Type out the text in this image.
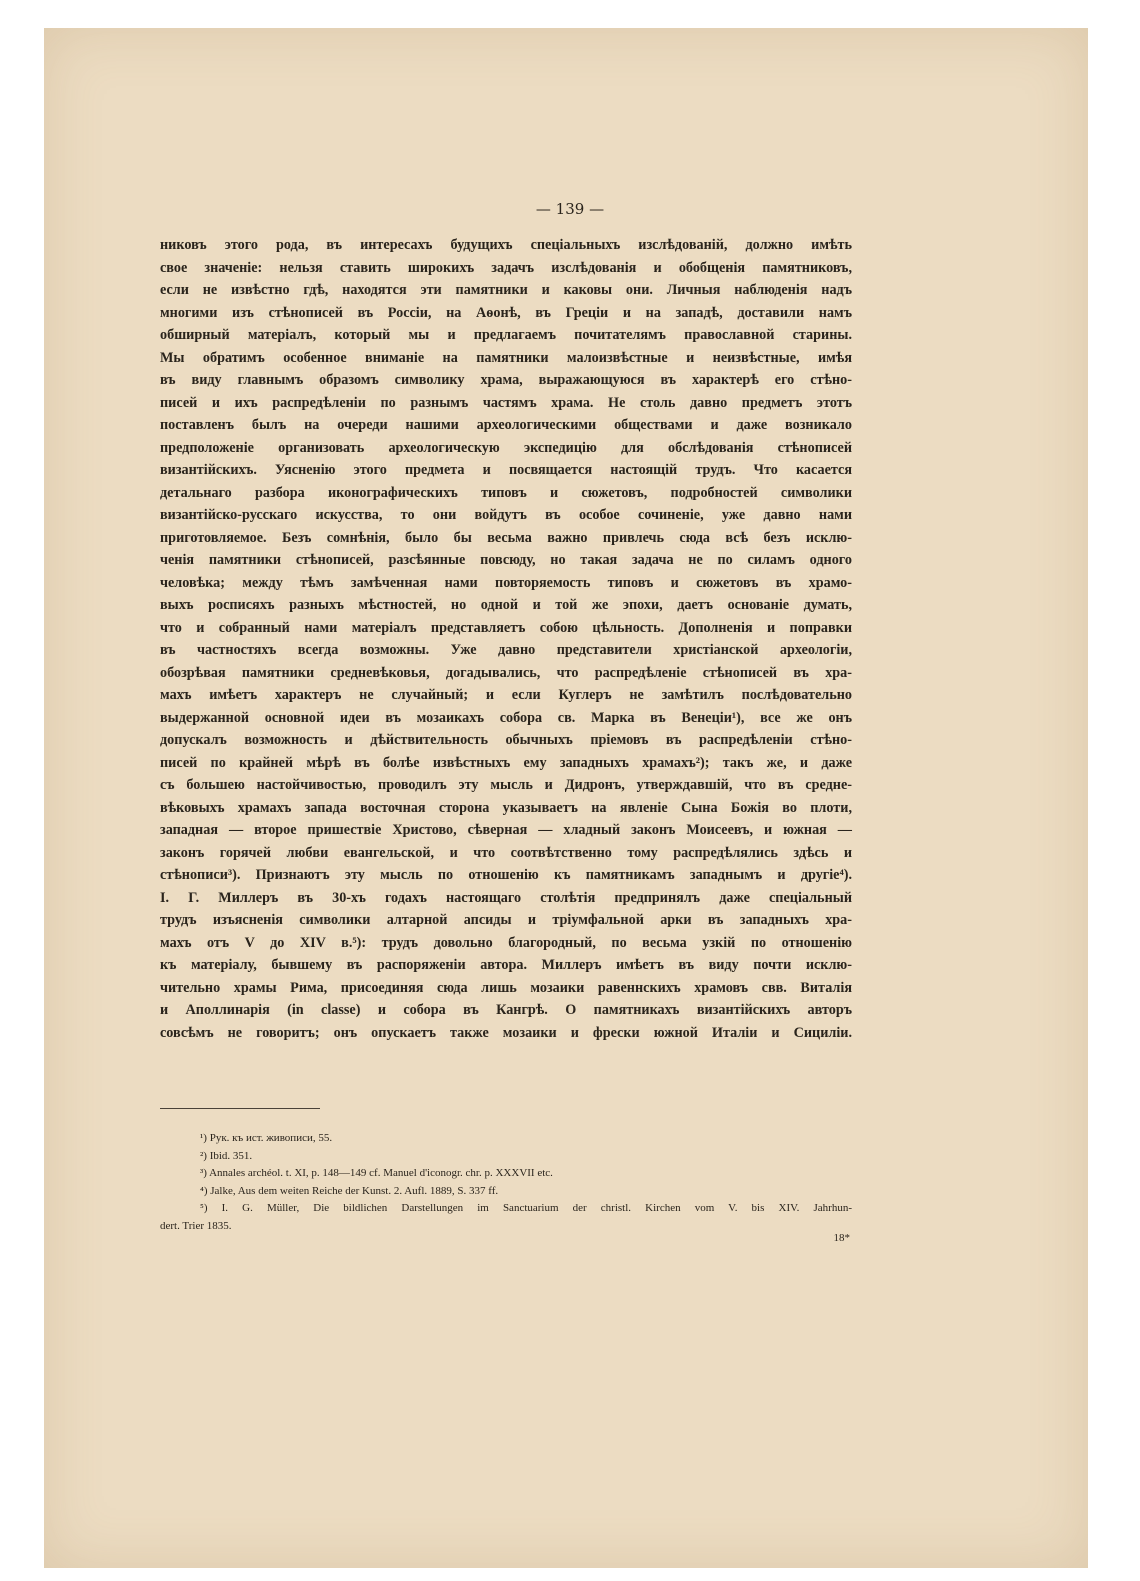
— 139 —
никовъ этого рода, въ интересахъ будущихъ спеціальныхъ изслѣдованій, должно имѣть
свое значеніе: нельзя ставить широкихъ задачъ изслѣдованія и обобщенія памятниковъ,
если не извѣстно гдѣ, находятся эти памятники и каковы они. Личныя наблюденія надъ
многими изъ стѣнописей въ Россіи, на Аѳонѣ, въ Греціи и на западѣ, доставили намъ
обширный матеріалъ, который мы и предлагаемъ почитателямъ православной старины.
Мы обратимъ особенное вниманіе на памятники малоизвѣстные и неизвѣстные, имѣя
въ виду главнымъ образомъ символику храма, выражающуюся въ характерѣ его стѣно-
писей и ихъ распредѣленіи по разнымъ частямъ храма. Не столь давно предметъ этотъ
поставленъ былъ на очереди нашими археологическими обществами и даже возникало
предположеніе организовать археологическую экспедицію для обслѣдованія стѣнописей
византійскихъ. Уясненію этого предмета и посвящается настоящій трудъ. Что касается
детальнаго разбора иконографическихъ типовъ и сюжетовъ, подробностей символики
византійско-русскаго искусства, то они войдутъ въ особое сочиненіе, уже давно нами
приготовляемое. Безъ сомнѣнія, было бы весьма важно привлечь сюда всѣ безъ исклю-
ченія памятники стѣнописей, разсѣянные повсюду, но такая задача не по силамъ одного
человѣка; между тѣмъ замѣченная нами повторяемость типовъ и сюжетовъ въ храмо-
выхъ росписяхъ разныхъ мѣстностей, но одной и той же эпохи, даетъ основаніе думать,
что и собранный нами матеріалъ представляетъ собою цѣльность. Дополненія и поправки
въ частностяхъ всегда возможны. Уже давно представители христіанской археологіи,
обозрѣвая памятники средневѣковья, догадывались, что распредѣленіе стѣнописей въ хра-
махъ имѣетъ характеръ не случайный; и если Куглеръ не замѣтилъ послѣдовательно
выдержанной основной идеи въ мозаикахъ собора св. Марка въ Венеціи¹), все же онъ
допускалъ возможность и дѣйствительность обычныхъ пріемовъ въ распредѣленіи стѣно-
писей по крайней мѣрѣ въ болѣе извѣстныхъ ему западныхъ храмахъ²); такъ же, и даже
съ большею настойчивостью, проводилъ эту мысль и Дидронъ, утверждавшій, что въ средне-
вѣковыхъ храмахъ запада восточная сторона указываетъ на явленіе Сына Божія во плоти,
западная — второе пришествіе Христово, сѣверная — хладный законъ Моисеевъ, и южная —
законъ горячей любви евангельской, и что соотвѣтственно тому распредѣлялись здѣсь и
стѣнописи³). Признаютъ эту мысль по отношенію къ памятникамъ западнымъ и другіе⁴).
I. Г. Миллеръ въ 30-хъ годахъ настоящаго столѣтія предпринялъ даже спеціальный
трудъ изъясненія символики алтарной апсиды и тріумфальной арки въ западныхъ хра-
махъ отъ V до XIV в.⁵): трудъ довольно благородный, по весьма узкій по отношенію
къ матеріалу, бывшему въ распоряженіи автора. Миллеръ имѣетъ въ виду почти исклю-
чительно храмы Рима, присоединяя сюда лишь мозаики равеннскихъ храмовъ свв. Виталія
и Аполлинарія (in classe) и собора въ Кангрѣ. О памятникахъ византійскихъ авторъ
совсѣмъ не говоритъ; онъ опускаетъ также мозаики и фрески южной Италіи и Сициліи.
¹) Рук. къ ист. живописи, 55.
²) Ibid. 351.
³) Annales archéol. t. XI, p. 148—149 cf. Manuel d'iconogr. chr. p. XXXVII etc.
⁴) Jalke, Aus dem weiten Reiche der Kunst. 2. Aufl. 1889, S. 337 ff.
⁵) I. G. Müller, Die bildlichen Darstellungen im Sanctuarium der christl. Kirchen vom V. bis XIV. Jahrhun-
dert. Trier 1835.
18*
